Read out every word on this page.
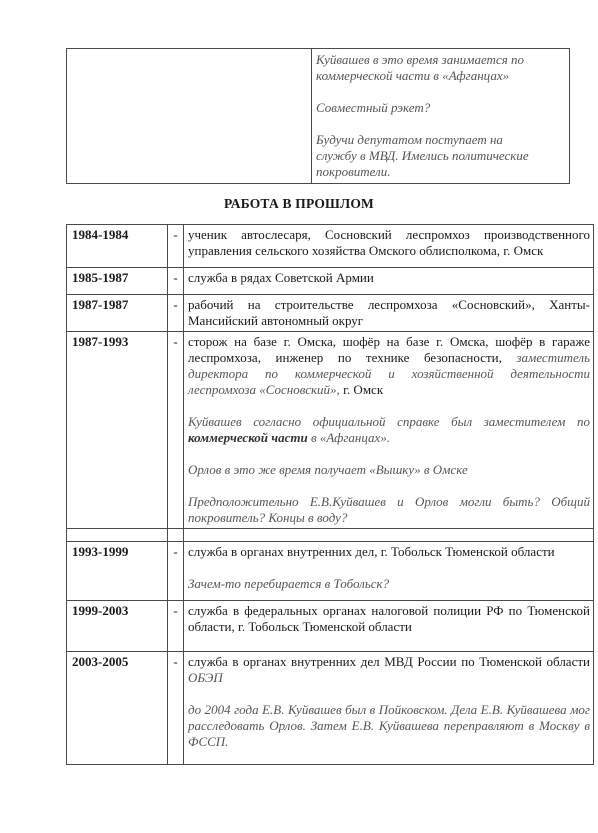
Куйвашев в это время занимается по

коммерческой части в «Афганцах»

Совместный рэкет?

Будучи депутатом поступает на

службу в МВД. Имелись политические

покровители.

РАБОТА В ПРОШЛОМ
1984-1984	-	ученик автослесаря, Сосновский леспромхоз производственного управления сельского хозяйства Омского облисполкома, г. Омск

1985-1987	-	служба в рядах Советской Армии

1987-1987	-	рабочий на строительстве леспромхоза «Сосновский», Ханты-Мансийский автономный округ

1987-1993	-	сторож на базе г. Омска, шофёр на базе г. Омска, шофёр в гараже леспромхоза, инженер по технике безопасности, заместитель директора по коммерческой и хозяйственной деятельности леспромхоза «Сосновский», г. Омск

Куйвашев согласно официальной справке был заместителем по коммерческой части в «Афганцах».

Орлов в это же время получает «Вышку» в Омске

Предположительно Е.В.Куйвашев и Орлов могли быть? Общий покровитель? Концы в воду?

1993-1999	-	служба в органах внутренних дел, г. Тобольск Тюменской области

Зачем-то перебирается в Тобольск?

1999-2003	-	служба в федеральных органах налоговой полиции РФ по Тюменской области, г. Тобольск Тюменской области

2003-2005	-	служба в органах внутренних дел МВД России по Тюменской области ОБЭП

до 2004 года Е.В. Куйвашев был в Пойковском. Дела Е.В. Куйвашева мог расследовать Орлов. Затем Е.В. Куйвашева переправляют в Москву в ФССП.
